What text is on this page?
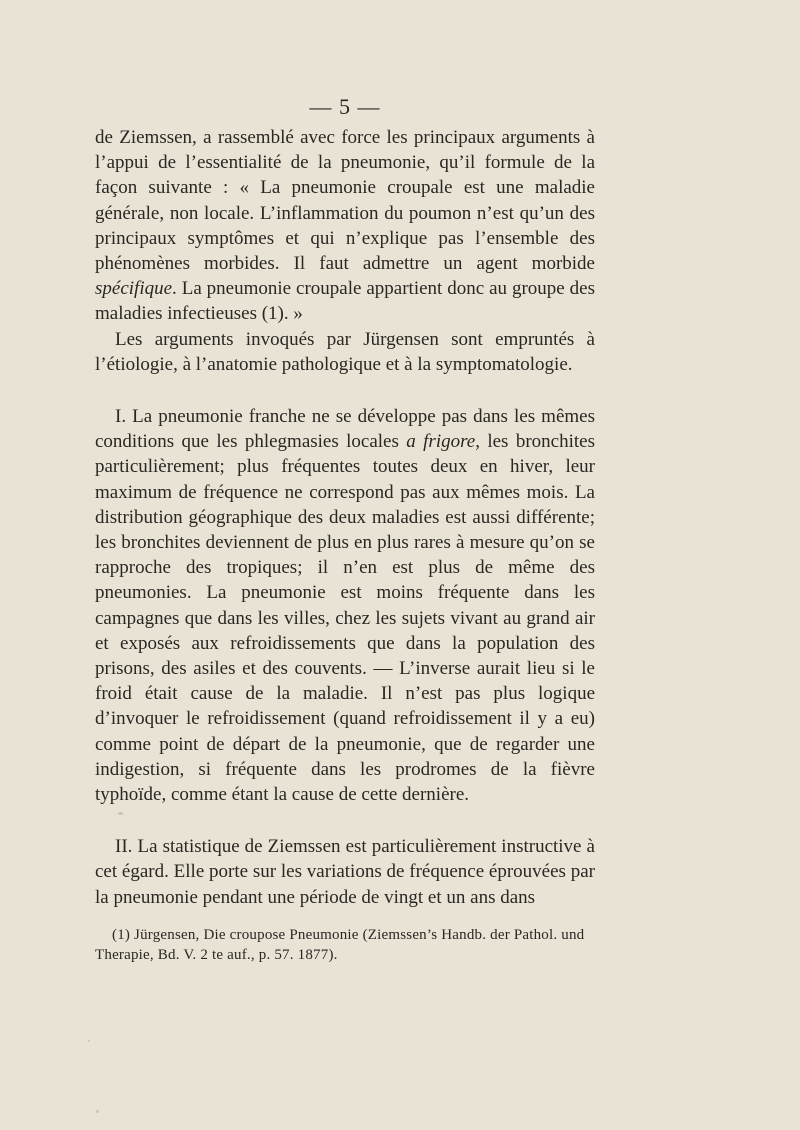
— 5 —

de Ziemssen, a rassemblé avec force les principaux arguments à l’appui de l’essentialité de la pneumonie, qu’il formule de la façon suivante : « La pneumonie croupale est une maladie générale, non locale. L’inflammation du poumon n’est qu’un des principaux symptômes et qui n’explique pas l’ensemble des phénomènes morbides. Il faut admettre un agent morbide spécifique. La pneumonie croupale appartient donc au groupe des maladies infectieuses (1). »

Les arguments invoqués par Jürgensen sont empruntés à l’étiologie, à l’anatomie pathologique et à la symptomatologie.

I. La pneumonie franche ne se développe pas dans les mêmes conditions que les phlegmasies locales a frigore, les bronchites particulièrement; plus fréquentes toutes deux en hiver, leur maximum de fréquence ne correspond pas aux mêmes mois. La distribution géographique des deux maladies est aussi différente; les bronchites deviennent de plus en plus rares à mesure qu’on se rapproche des tropiques; il n’en est plus de même des pneumonies. La pneumonie est moins fréquente dans les campagnes que dans les villes, chez les sujets vivant au grand air et exposés aux refroidissements que dans la population des prisons, des asiles et des couvents. — L’inverse aurait lieu si le froid était cause de la maladie. Il n’est pas plus logique d’invoquer le refroidissement (quand refroidissement il y a eu) comme point de départ de la pneumonie, que de regarder une indigestion, si fréquente dans les prodromes de la fièvre typhoïde, comme étant la cause de cette dernière.

II. La statistique de Ziemssen est particulièrement instructive à cet égard. Elle porte sur les variations de fréquence éprouvées par la pneumonie pendant une période de vingt et un ans dans

(1) Jürgensen, Die croupose Pneumonie (Ziemssen’s Handb. der Pathol. und
Therapie, Bd. V. 2 te auf., p. 57. 1877).
